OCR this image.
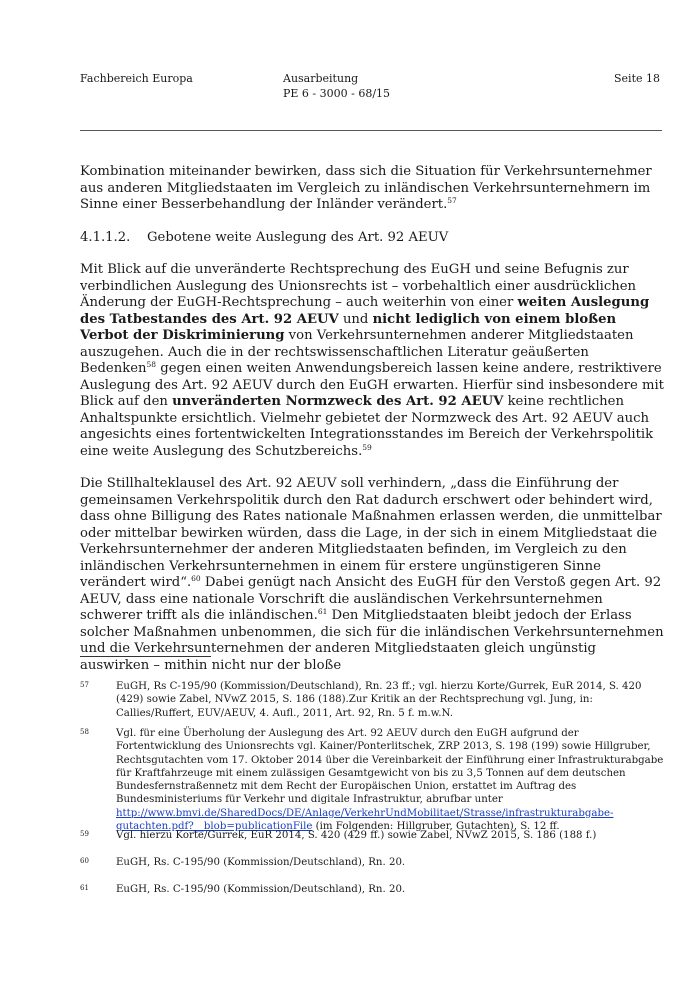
Fachbereich Europa	Ausarbeitung
PE 6 - 3000 - 68/15
Seite 18

Kombination miteinander bewirken, dass sich die Situation für Verkehrsunternehmer aus anderen Mitgliedstaaten im Vergleich zu inländischen Verkehrsunternehmern im Sinne einer Besserbehandlung der Inländer verändert.$^{57}$

4.1.1.2. Gebotene weite Auslegung des Art. 92 AEUV

Mit Blick auf die unveränderte Rechtsprechung des EuGH und seine Befugnis zur verbindlichen Auslegung des Unionsrechts ist – vorbehaltlich einer ausdrücklichen Änderung der EuGH-Rechtsprechung – auch weiterhin von einer weiten Auslegung des Tatbestandes des Art. 92 AEUV und nicht lediglich von einem bloßen Verbot der Diskriminierung von Verkehrsunternehmen anderer Mitgliedstaaten auszugehen. Auch die in der rechtswissenschaftlichen Literatur geäußerten Bedenken$^{58}$ gegen einen weiten Anwendungsbereich lassen keine andere, restriktivere Auslegung des Art. 92 AEUV durch den EuGH erwarten. Hierfür sind insbesondere mit Blick auf den unveränderten Normzweck des Art. 92 AEUV keine rechtlichen Anhaltspunkte ersichtlich. Vielmehr gebietet der Normzweck des Art. 92 AEUV auch angesichts eines fortentwickelten Integrationsstandes im Bereich der Verkehrspolitik eine weite Auslegung des Schutzbereichs.$^{59}$

Die Stillhalteklausel des Art. 92 AEUV soll verhindern, „dass die Einführung der gemeinsamen Verkehrspolitik durch den Rat dadurch erschwert oder behindert wird, dass ohne Billigung des Rates nationale Maßnahmen erlassen werden, die unmittelbar oder mittelbar bewirken würden, dass die Lage, in der sich in einem Mitgliedstaat die Verkehrsunternehmer der anderen Mitgliedstaaten befinden, im Vergleich zu den inländischen Verkehrsunternehmen in einem für erstere ungünstigeren Sinne verändert wird“.$^{60}$ Dabei genügt nach Ansicht des EuGH für den Verstoß gegen Art. 92 AEUV, dass eine nationale Vorschrift die ausländischen Verkehrsunternehmen schwerer trifft als die inländischen.$^{61}$ Den Mitgliedstaaten bleibt jedoch der Erlass solcher Maßnahmen unbenommen, die sich für die inländischen Verkehrsunternehmen und die Verkehrsunternehmen der anderen Mitgliedstaaten gleich ungünstig auswirken – mithin nicht nur der bloße

57	EuGH, Rs C-195/90 (Kommission/Deutschland), Rn. 23 ff.; vgl. hierzu Korte/Gurrek, EuR 2014, S. 420 (429) sowie Zabel, NVwZ 2015, S. 186 (188).Zur Kritik an der Rechtsprechung vgl. Jung, in: Callies/Ruffert, EUV/AEUV, 4. Aufl., 2011, Art. 92, Rn. 5 f. m.w.N.
58	Vgl. für eine Überholung der Auslegung des Art. 92 AEUV durch den EuGH aufgrund der Fortentwicklung des Unionsrechts vgl. Kainer/Ponterlitschek, ZRP 2013, S. 198 (199) sowie Hillgruber, Rechtsgutachten vom 17. Oktober 2014 über die Vereinbarkeit der Einführung einer Infrastrukturabgabe für Kraftfahrzeuge mit einem zulässigen Gesamtgewicht von bis zu 3,5 Tonnen auf dem deutschen Bundesfernstraßennetz mit dem Recht der Europäischen Union, erstattet im Auftrag des Bundesministeriums für Verkehr und digitale Infrastruktur, abrufbar unter http://www.bmvi.de/SharedDocs/DE/Anlage/VerkehrUndMobilitaet/Strasse/infrastrukturabgabe-gutachten.pdf?__blob=publicationFile (im Folgenden: Hillgruber, Gutachten), S. 12 ff.
59	Vgl. hierzu Korte/Gurrek, EuR 2014, S. 420 (429 ff.) sowie Zabel, NVwZ 2015, S. 186 (188 f.)
60	EuGH, Rs. C-195/90 (Kommission/Deutschland), Rn. 20.
61	EuGH, Rs. C-195/90 (Kommission/Deutschland), Rn. 20.
